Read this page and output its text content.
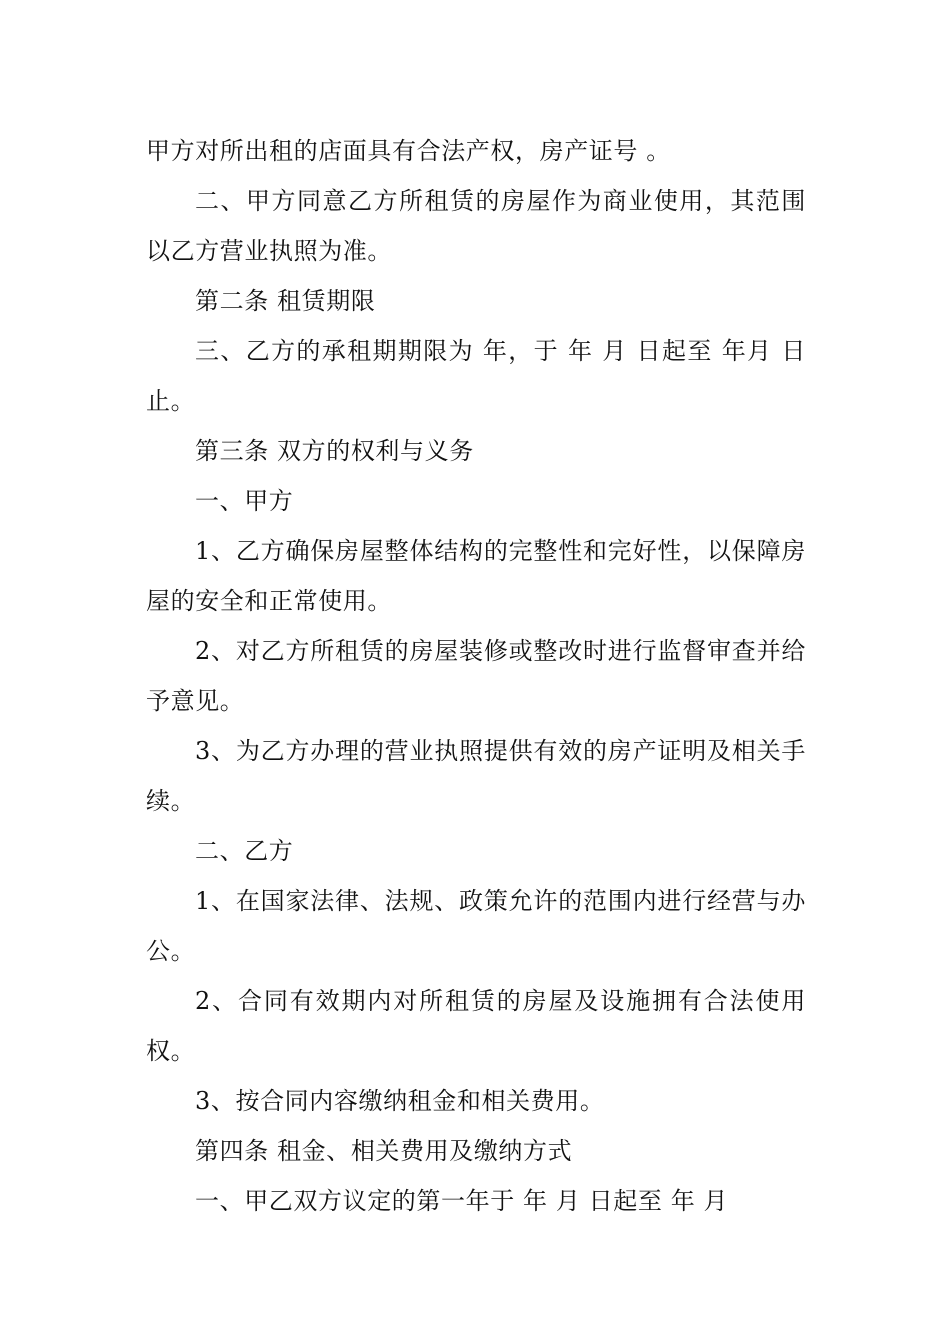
甲方对所出租的店面具有合法产权，房产证号 。

二、甲方同意乙方所租赁的房屋作为商业使用，其范围以乙方营业执照为准。

第二条 租赁期限

三、乙方的承租期期限为 年，于 年 月 日起至 年月 日止。

第三条 双方的权利与义务

一、甲方

1、乙方确保房屋整体结构的完整性和完好性，以保障房屋的安全和正常使用。

2、对乙方所租赁的房屋装修或整改时进行监督审查并给予意见。

3、为乙方办理的营业执照提供有效的房产证明及相关手续。

二、乙方

1、在国家法律、法规、政策允许的范围内进行经营与办公。

2、合同有效期内对所租赁的房屋及设施拥有合法使用权。

3、按合同内容缴纳租金和相关费用。

第四条 租金、相关费用及缴纳方式

一、甲乙双方议定的第一年于 年 月 日起至 年 月
